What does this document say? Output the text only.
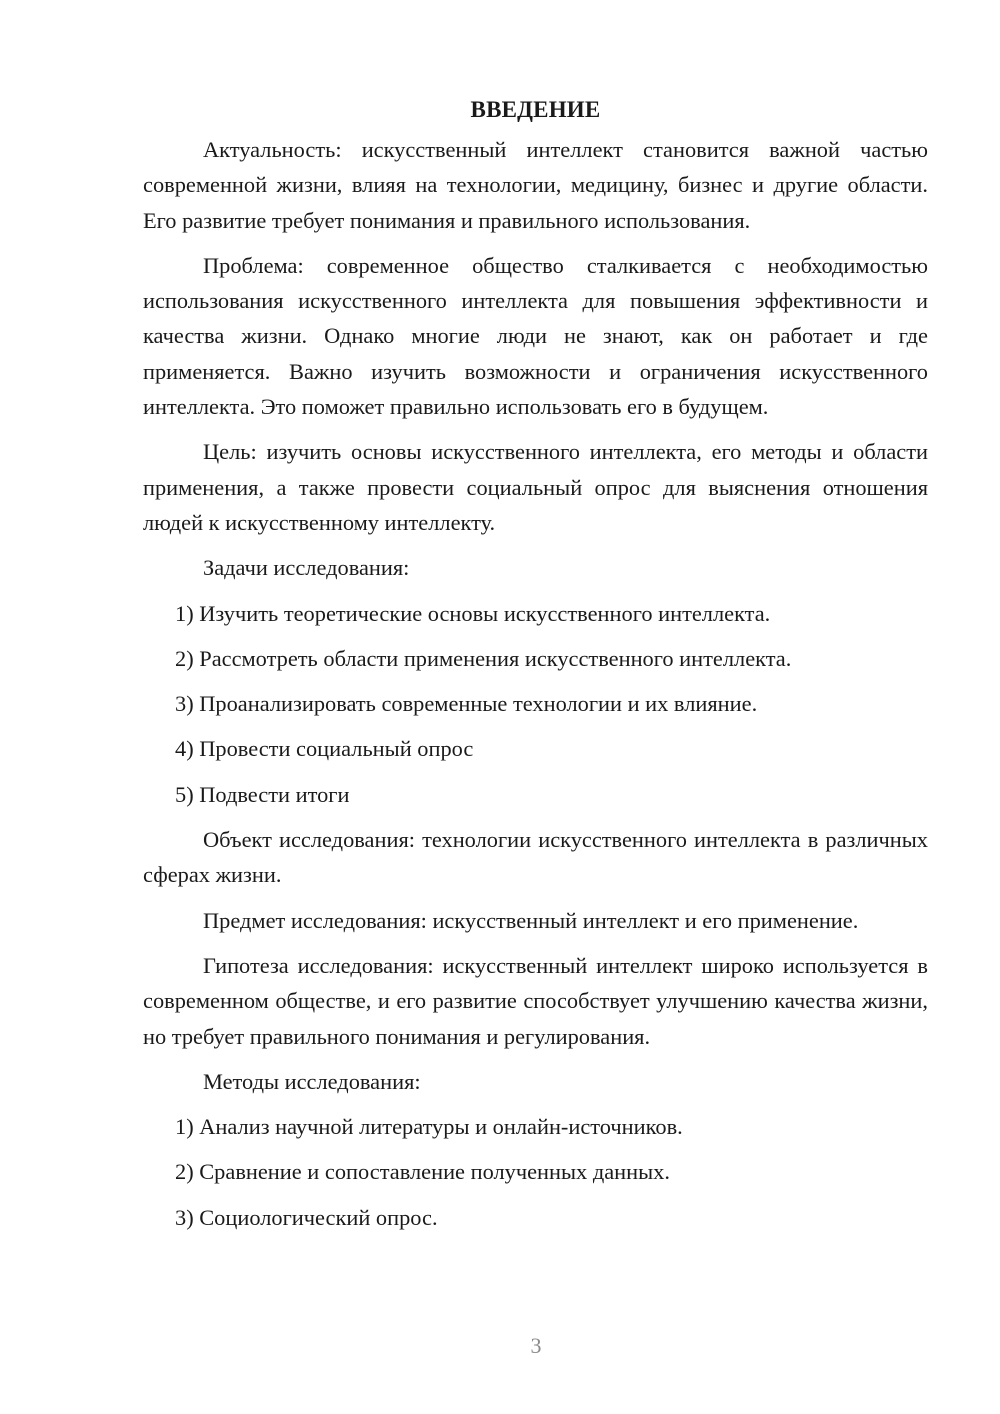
ВВЕДЕНИЕ

Актуальность: искусственный интеллект становится важной частью современной жизни, влияя на технологии, медицину, бизнес и другие области. Его развитие требует понимания и правильного использования.

Проблема: современное общество сталкивается с необходимостью использования искусственного интеллекта для повышения эффективности и качества жизни. Однако многие люди не знают, как он работает и где применяется. Важно изучить возможности и ограничения искусственного интеллекта. Это поможет правильно использовать его в будущем.

Цель: изучить основы искусственного интеллекта, его методы и области применения, а также провести социальный опрос для выяснения отношения людей к искусственному интеллекту.

Задачи исследования:

1) Изучить теоретические основы искусственного интеллекта.

2) Рассмотреть области применения искусственного интеллекта.

3) Проанализировать современные технологии и их влияние.

4) Провести социальный опрос

5) Подвести итоги

Объект исследования: технологии искусственного интеллекта в различных сферах жизни.

Предмет исследования: искусственный интеллект и его применение.

Гипотеза исследования: искусственный интеллект широко используется в современном обществе, и его развитие способствует улучшению качества жизни, но требует правильного понимания и регулирования.

Методы исследования:

1) Анализ научной литературы и онлайн-источников.

2) Сравнение и сопоставление полученных данных.

3) Социологический опрос.

3
